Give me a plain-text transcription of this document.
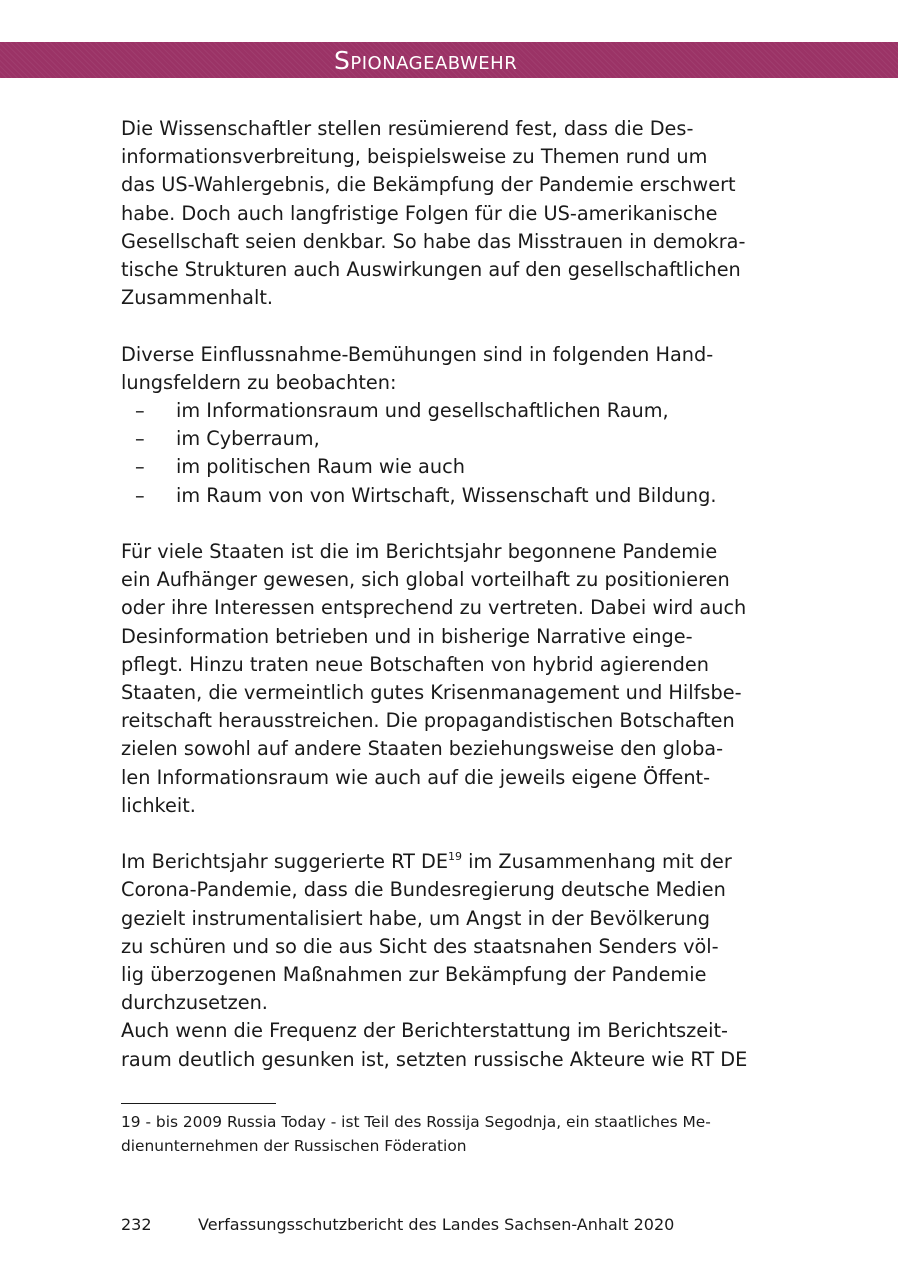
Spionageabwehr

Die Wissenschaftler stellen resümierend fest, dass die Des-
informationsverbreitung, beispielsweise zu Themen rund um
das US-Wahlergebnis, die Bekämpfung der Pandemie erschwert
habe. Doch auch langfristige Folgen für die US-amerikanische
Gesellschaft seien denkbar. So habe das Misstrauen in demokra-
tische Strukturen auch Auswirkungen auf den gesellschaftlichen
Zusammenhalt.

Diverse Einflussnahme-Bemühungen sind in folgenden Hand-
lungsfeldern zu beobachten:

– im Informationsraum und gesellschaftlichen Raum,
– im Cyberraum,
– im politischen Raum wie auch
– im Raum von von Wirtschaft, Wissenschaft und Bildung.

Für viele Staaten ist die im Berichtsjahr begonnene Pandemie
ein Aufhänger gewesen, sich global vorteilhaft zu positionieren
oder ihre Interessen entsprechend zu vertreten. Dabei wird auch
Desinformation betrieben und in bisherige Narrative einge-
pflegt. Hinzu traten neue Botschaften von hybrid agierenden
Staaten, die vermeintlich gutes Krisenmanagement und Hilfsbe-
reitschaft herausstreichen. Die propagandistischen Botschaften
zielen sowohl auf andere Staaten beziehungsweise den globa-
len Informationsraum wie auch auf die jeweils eigene Öffent-
lichkeit.

Im Berichtsjahr suggerierte RT DE$^{19}$ im Zusammenhang mit der
Corona-Pandemie, dass die Bundesregierung deutsche Medien
gezielt instrumentalisiert habe, um Angst in der Bevölkerung
zu schüren und so die aus Sicht des staatsnahen Senders völ-
lig überzogenen Maßnahmen zur Bekämpfung der Pandemie
durchzusetzen.
Auch wenn die Frequenz der Berichterstattung im Berichtszeit-
raum deutlich gesunken ist, setzten russische Akteure wie RT DE

19 - bis 2009 Russia Today - ist Teil des Rossija Segodnja, ein staatliches Me-
dienunternehmen der Russischen Föderation
232	Verfassungsschutzbericht des Landes Sachsen-Anhalt 2020
